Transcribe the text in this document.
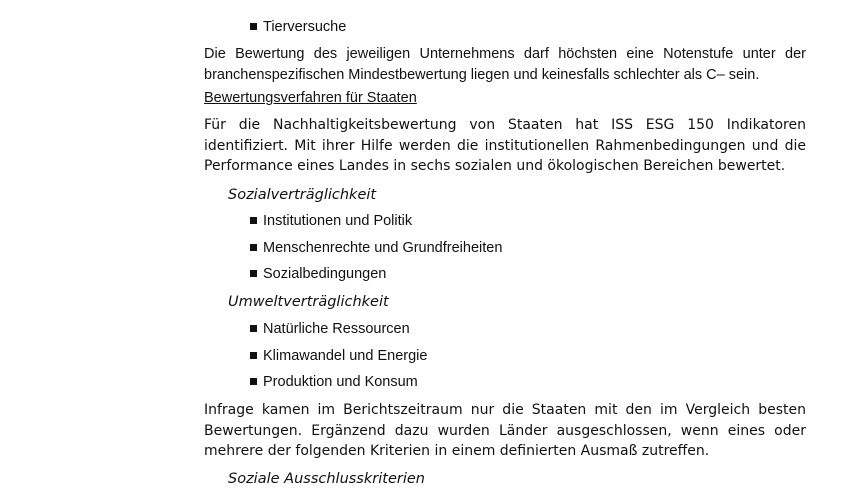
Tierversuche
Die Bewertung des jeweiligen Unternehmens darf höchsten eine Notenstufe unter der branchenspezifischen Mindestbewertung liegen und keinesfalls schlechter als C– sein.
Bewertungsverfahren für Staaten
Für die Nachhaltigkeitsbewertung von Staaten hat ISS ESG 150 Indikatoren identifiziert. Mit ihrer Hilfe werden die institutionellen Rahmenbedingungen und die Performance eines Landes in sechs sozialen und ökologischen Bereichen bewertet.
Sozialverträglichkeit
Institutionen und Politik
Menschenrechte und Grundfreiheiten
Sozialbedingungen
Umweltverträglichkeit
Natürliche Ressourcen
Klimawandel und Energie
Produktion und Konsum
Infrage kamen im Berichtszeitraum nur die Staaten mit den im Vergleich besten Bewertungen. Ergänzend dazu wurden Länder ausgeschlossen, wenn eines oder mehrere der folgenden Kriterien in einem definierten Ausmaß zutreffen.
Soziale Ausschlusskriterien
